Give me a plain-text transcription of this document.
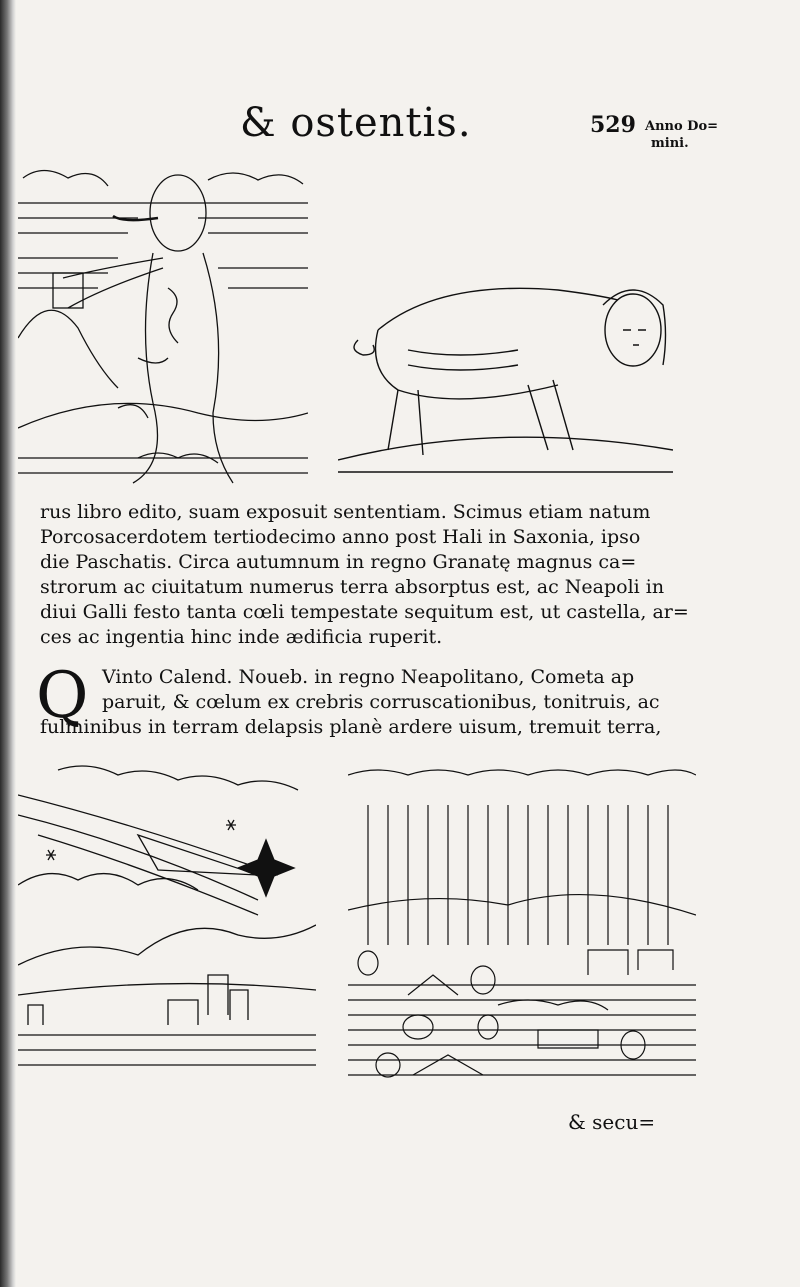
& ostentis.	529 Anno Do=
mini.
rus libro edito, suam exposuit sententiam. Scimus etiam natum
Porcosacerdotem tertiodecimo anno post Hali in Saxonia, ipso
die Paschatis. Circa autumnum in regno Granatę magnus ca=
strorum ac ciuitatum numerus terra absorptus est, ac Neapoli in
diui Galli festo tanta cœli tempestate sequitum est, ut castella, ar=
ces ac ingentia hinc inde ædificia ruperit.
Q Vinto Calend. Noueb. in regno Neapolitano, Cometa ap
paruit, & cœlum ex crebris corruscationibus, tonitruis, ac
fulminibus in terram delapsis planè ardere uisum, tremuit terra,
& secu=
